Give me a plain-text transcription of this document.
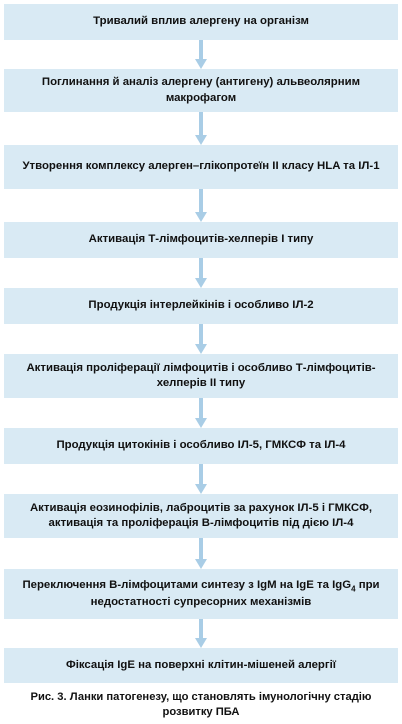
Тривалий вплив алергену на організм
Поглинання й аналіз алергену (антигену) альвеолярним макрофагом
Утворення комплексу алерген–глікопротеїн II класу HLA та ІЛ-1
Активація Т-лімфоцитів-хелперів І типу
Продукція інтерлейкінів і особливо ІЛ-2
Активація проліферації лімфоцитів і особливо Т-лімфоцитів-хелперів ІІ типу
Продукція цитокінів і особливо ІЛ-5, ГМКСФ та ІЛ-4
Активація еозинофілів, лаброцитів за рахунок ІЛ-5 і ГМКСФ, активація та проліферація В-лімфоцитів під дією ІЛ-4
Переключення В-лімфоцитами синтезу з IgM на IgE та IgG$_4$ при недостатності супресорних механізмів
Фіксація IgE на поверхні клітин-мішеней алергії
Рис. 3. Ланки патогенезу, що становлять імунологічну стадію розвитку ПБА
